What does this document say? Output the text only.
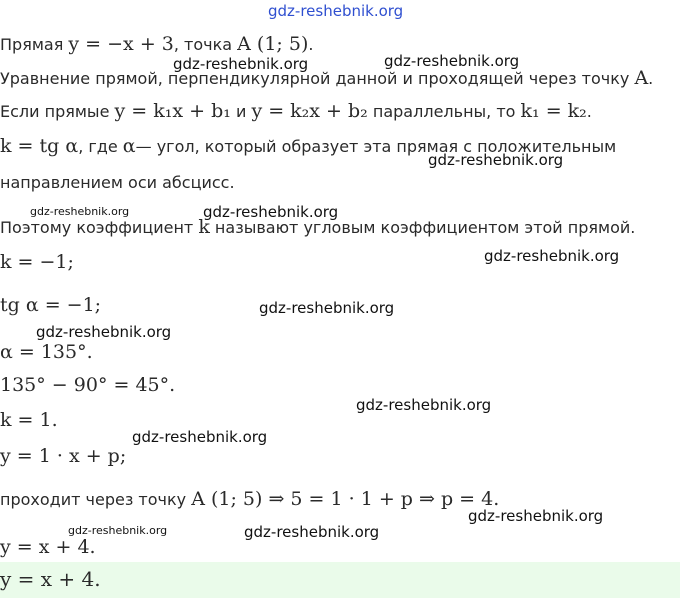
Прямая y = −x + 3, точка A (1; 5).
Уравнение прямой, перпендикулярной данной и проходящей через точку A.
Если прямые y = k₁x + b₁ и y = k₂x + b₂ параллельны, то k₁ = k₂.
k = tg α, где α— угол, который образует эта прямая с положительным
направлением оси абсцисс.
Поэтому коэффициент k называют угловым коэффициентом этой прямой.
k = −1;
tg α = −1;
α = 135°.
135° − 90° = 45°.
k = 1.
y = 1 · x + p;
проходит через точку A (1; 5) ⇒ 5 = 1 · 1 + p ⇒ p = 4.
y = x + 4.
y = x + 4.
gdz-reshebnik.org
gdz-reshebnik.org	gdz-reshebnik.org
gdz-reshebnik.org
gdz-reshebnik.org	gdz-reshebnik.org
gdz-reshebnik.org
gdz-reshebnik.org
gdz-reshebnik.org
gdz-reshebnik.org
gdz-reshebnik.org
gdz-reshebnik.org
gdz-reshebnik.org	gdz-reshebnik.org
